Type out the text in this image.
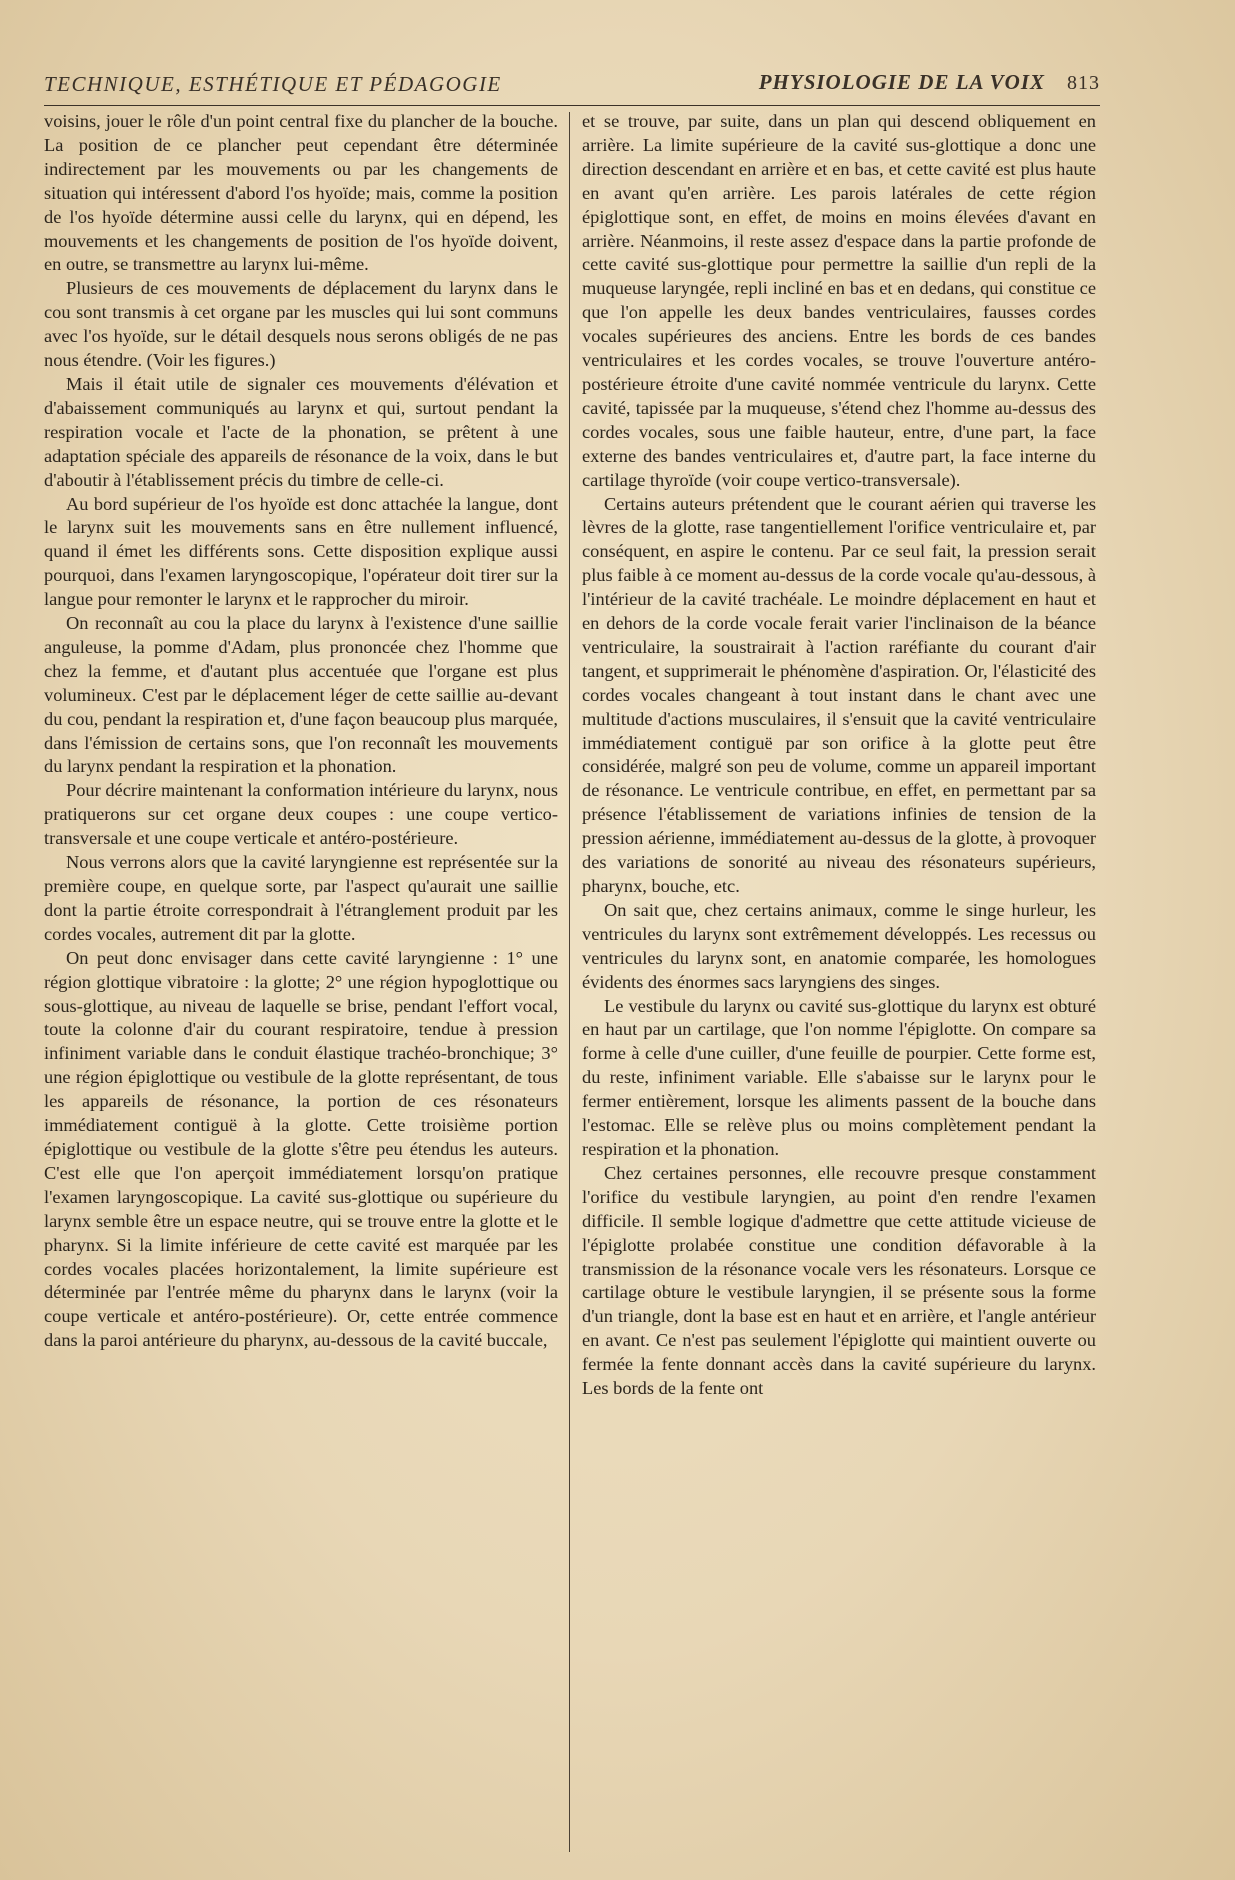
TECHNIQUE, ESTHÉTIQUE ET PÉDAGOGIE	PHYSIOLOGIE DE LA VOIX 813

voisins, jouer le rôle d'un point central fixe du plancher de la bouche. La position de ce plancher peut cependant être déterminée indirectement par les mouvements ou par les changements de situation qui intéressent d'abord l'os hyoïde; mais, comme la position de l'os hyoïde détermine aussi celle du larynx, qui en dépend, les mouvements et les changements de position de l'os hyoïde doivent, en outre, se transmettre au larynx lui-même.

Plusieurs de ces mouvements de déplacement du larynx dans le cou sont transmis à cet organe par les muscles qui lui sont communs avec l'os hyoïde, sur le détail desquels nous serons obligés de ne pas nous étendre. (Voir les figures.)

Mais il était utile de signaler ces mouvements d'élévation et d'abaissement communiqués au larynx et qui, surtout pendant la respiration vocale et l'acte de la phonation, se prêtent à une adaptation spéciale des appareils de résonance de la voix, dans le but d'aboutir à l'établissement précis du timbre de celle-ci.

Au bord supérieur de l'os hyoïde est donc attachée la langue, dont le larynx suit les mouvements sans en être nullement influencé, quand il émet les différents sons. Cette disposition explique aussi pourquoi, dans l'examen laryngoscopique, l'opérateur doit tirer sur la langue pour remonter le larynx et le rapprocher du miroir.

On reconnaît au cou la place du larynx à l'existence d'une saillie anguleuse, la pomme d'Adam, plus prononcée chez l'homme que chez la femme, et d'autant plus accentuée que l'organe est plus volumineux. C'est par le déplacement léger de cette saillie au-devant du cou, pendant la respiration et, d'une façon beaucoup plus marquée, dans l'émission de certains sons, que l'on reconnaît les mouvements du larynx pendant la respiration et la phonation.

Pour décrire maintenant la conformation intérieure du larynx, nous pratiquerons sur cet organe deux coupes : une coupe vertico-transversale et une coupe verticale et antéro-postérieure.

Nous verrons alors que la cavité laryngienne est représentée sur la première coupe, en quelque sorte, par l'aspect qu'aurait une saillie dont la partie étroite correspondrait à l'étranglement produit par les cordes vocales, autrement dit par la glotte.

On peut donc envisager dans cette cavité laryngienne : 1° une région glottique vibratoire : la glotte; 2° une région hypoglottique ou sous-glottique, au niveau de laquelle se brise, pendant l'effort vocal, toute la colonne d'air du courant respiratoire, tendue à pression infiniment variable dans le conduit élastique trachéo-bronchique; 3° une région épiglottique ou vestibule de la glotte représentant, de tous les appareils de résonance, la portion de ces résonateurs immédiatement contiguë à la glotte. Cette troisième portion épiglottique ou vestibule de la glotte s'être peu étendus les auteurs. C'est elle que l'on aperçoit immédiatement lorsqu'on pratique l'examen laryngoscopique. La cavité sus-glottique ou supérieure du larynx semble être un espace neutre, qui se trouve entre la glotte et le pharynx. Si la limite inférieure de cette cavité est marquée par les cordes vocales placées horizontalement, la limite supérieure est déterminée par l'entrée même du pharynx dans le larynx (voir la coupe verticale et antéro-postérieure). Or, cette entrée commence dans la paroi antérieure du pharynx, au-dessous de la cavité buccale,

et se trouve, par suite, dans un plan qui descend obliquement en arrière. La limite supérieure de la cavité sus-glottique a donc une direction descendant en arrière et en bas, et cette cavité est plus haute en avant qu'en arrière. Les parois latérales de cette région épiglottique sont, en effet, de moins en moins élevées d'avant en arrière. Néanmoins, il reste assez d'espace dans la partie profonde de cette cavité sus-glottique pour permettre la saillie d'un repli de la muqueuse laryngée, repli incliné en bas et en dedans, qui constitue ce que l'on appelle les deux bandes ventriculaires, fausses cordes vocales supérieures des anciens. Entre les bords de ces bandes ventriculaires et les cordes vocales, se trouve l'ouverture antéro-postérieure étroite d'une cavité nommée ventricule du larynx. Cette cavité, tapissée par la muqueuse, s'étend chez l'homme au-dessus des cordes vocales, sous une faible hauteur, entre, d'une part, la face externe des bandes ventriculaires et, d'autre part, la face interne du cartilage thyroïde (voir coupe vertico-transversale).

Certains auteurs prétendent que le courant aérien qui traverse les lèvres de la glotte, rase tangentiellement l'orifice ventriculaire et, par conséquent, en aspire le contenu. Par ce seul fait, la pression serait plus faible à ce moment au-dessus de la corde vocale qu'au-dessous, à l'intérieur de la cavité trachéale. Le moindre déplacement en haut et en dehors de la corde vocale ferait varier l'inclinaison de la béance ventriculaire, la soustrairait à l'action raréfiante du courant d'air tangent, et supprimerait le phénomène d'aspiration. Or, l'élasticité des cordes vocales changeant à tout instant dans le chant avec une multitude d'actions musculaires, il s'ensuit que la cavité ventriculaire immédiatement contiguë par son orifice à la glotte peut être considérée, malgré son peu de volume, comme un appareil important de résonance. Le ventricule contribue, en effet, en permettant par sa présence l'établissement de variations infinies de tension de la pression aérienne, immédiatement au-dessus de la glotte, à provoquer des variations de sonorité au niveau des résonateurs supérieurs, pharynx, bouche, etc.

On sait que, chez certains animaux, comme le singe hurleur, les ventricules du larynx sont extrêmement développés. Les recessus ou ventricules du larynx sont, en anatomie comparée, les homologues évidents des énormes sacs laryngiens des singes.

Le vestibule du larynx ou cavité sus-glottique du larynx est obturé en haut par un cartilage, que l'on nomme l'épiglotte. On compare sa forme à celle d'une cuiller, d'une feuille de pourpier. Cette forme est, du reste, infiniment variable. Elle s'abaisse sur le larynx pour le fermer entièrement, lorsque les aliments passent de la bouche dans l'estomac. Elle se relève plus ou moins complètement pendant la respiration et la phonation.

Chez certaines personnes, elle recouvre presque constamment l'orifice du vestibule laryngien, au point d'en rendre l'examen difficile. Il semble logique d'admettre que cette attitude vicieuse de l'épiglotte prolabée constitue une condition défavorable à la transmission de la résonance vocale vers les résonateurs. Lorsque ce cartilage obture le vestibule laryngien, il se présente sous la forme d'un triangle, dont la base est en haut et en arrière, et l'angle antérieur en avant. Ce n'est pas seulement l'épiglotte qui maintient ouverte ou fermée la fente donnant accès dans la cavité supérieure du larynx. Les bords de la fente ont
